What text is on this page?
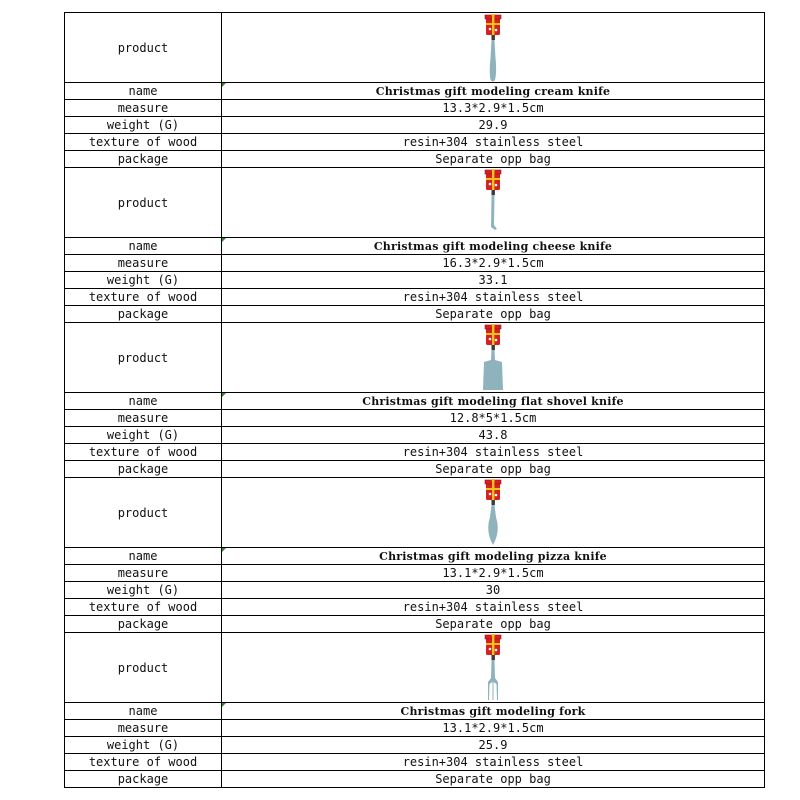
product	

name	Christmas gift modeling cream knife
measure	13.3*2.9*1.5cm
weight (G)	29.9
texture of wood	resin+304 stainless steel
package	Separate opp bag
product	

name	Christmas gift modeling cheese knife
measure	16.3*2.9*1.5cm
weight (G)	33.1
texture of wood	resin+304 stainless steel
package	Separate opp bag
product	

name	Christmas gift modeling flat shovel knife
measure	12.8*5*1.5cm
weight (G)	43.8
texture of wood	resin+304 stainless steel
package	Separate opp bag
product	

name	Christmas gift modeling pizza knife
measure	13.1*2.9*1.5cm
weight (G)	30
texture of wood	resin+304 stainless steel
package	Separate opp bag
product	

name	Christmas gift modeling fork
measure	13.1*2.9*1.5cm
weight (G)	25.9
texture of wood	resin+304 stainless steel
package	Separate opp bag
